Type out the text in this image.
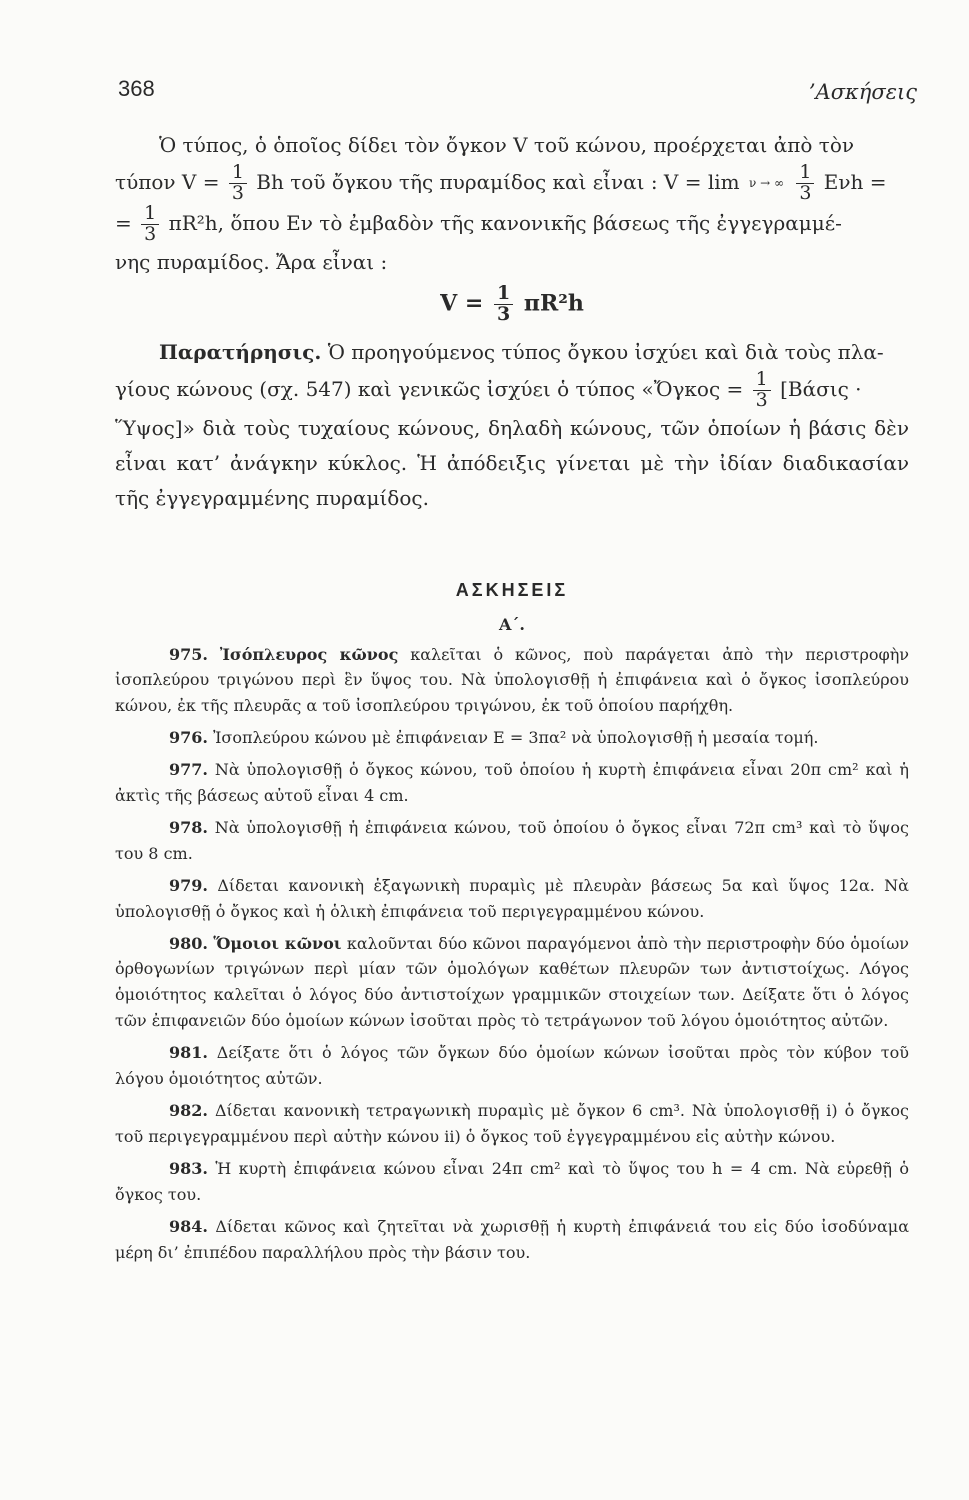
368	’Ασκήσεις

Ὁ τύπος, ὁ ὁποῖος δίδει τὸν ὄγκον V τοῦ κώνου, προέρχεται ἀπὸ τὸν

τύπον $V = \frac{1}{3}$ Bh τοῦ ὄγκου τῆς πυραμίδος καὶ εἶναι : V = lim ν → ∞
$\frac{1}{3}$ Eνh =
= $\frac{1}{3} \pi R^2h$, ὅπου Eν τὸ ἐμβαδὸν τῆς κανονικῆς βάσεως τῆς ἐγγεγραμμέ-

νης πυραμίδος. Ἄρα εἶναι :

$V = \frac{1}{3} \pi R^2h$

Παρατήρησις. Ὁ προηγούμενος τύπος ὄγκου ἰσχύει καὶ διὰ τοὺς πλα-

γίους κώνους (σχ. 547) καὶ γενικῶς ἰσχύει ὁ τύπος «Ὄγκος = $\frac{1}{3} [Bά\sigma\iota\varsigma$ ·

Ὕψος]» διὰ τοὺς τυχαίους κώνους, δηλαδὴ κώνους, τῶν ὁποίων ἡ βάσις δὲν εἶναι κατ’ ἀνάγκην κύκλος. Ἡ ἀπόδειξις γίνεται μὲ τὴν ἰδίαν διαδικασίαν τῆς ἐγγεγραμμένης πυραμίδος.

ΑΣΚΗΣΕΙΣ
Α΄.

975. Ἰσόπλευρος κῶνος καλεῖται ὁ κῶνος, ποὺ παράγεται ἀπὸ τὴν περιστροφὴν ἰσοπλεύρου τριγώνου περὶ ἓν ὕψος του. Νὰ ὑπολογισθῇ ἡ ἐπιφάνεια καὶ ὁ ὄγκος ἰσοπλεύρου κώνου, ἐκ τῆς πλευρᾶς α τοῦ ἰσοπλεύρου τριγώνου, ἐκ τοῦ ὁποίου παρήχθη.

976. Ἰσοπλεύρου κώνου μὲ ἐπιφάνειαν E = 3πα² νὰ ὑπολογισθῇ ἡ μεσαία τομή.

977. Νὰ ὑπολογισθῇ ὁ ὄγκος κώνου, τοῦ ὁποίου ἡ κυρτὴ ἐπιφάνεια εἶναι 20π cm² καὶ ἡ ἀκτὶς τῆς βάσεως αὐτοῦ εἶναι 4 cm.

978. Νὰ ὑπολογισθῇ ἡ ἐπιφάνεια κώνου, τοῦ ὁποίου ὁ ὄγκος εἶναι 72π cm³ καὶ τὸ ὕψος του 8 cm.

979. Δίδεται κανονικὴ ἑξαγωνικὴ πυραμὶς μὲ πλευρὰν βάσεως 5α καὶ ὕψος 12α. Νὰ ὑπολογισθῇ ὁ ὄγκος καὶ ἡ ὁλικὴ ἐπιφάνεια τοῦ περιγεγραμμένου κώνου.

980. Ὅμοιοι κῶνοι καλοῦνται δύο κῶνοι παραγόμενοι ἀπὸ τὴν περιστροφὴν δύο ὁμοίων ὀρθογωνίων τριγώνων περὶ μίαν τῶν ὁμολόγων καθέτων πλευρῶν των ἀντιστοίχως. Λόγος ὁμοιότητος καλεῖται ὁ λόγος δύο ἀντιστοίχων γραμμικῶν στοιχείων των. Δείξατε ὅτι ὁ λόγος τῶν ἐπιφανειῶν δύο ὁμοίων κώνων ἰσοῦται πρὸς τὸ τετράγωνον τοῦ λόγου ὁμοιότητος αὐτῶν.

981. Δείξατε ὅτι ὁ λόγος τῶν ὄγκων δύο ὁμοίων κώνων ἰσοῦται πρὸς τὸν κύβον τοῦ λόγου ὁμοιότητος αὐτῶν.

982. Δίδεται κανονικὴ τετραγωνικὴ πυραμὶς μὲ ὄγκον 6 cm³. Νὰ ὑπολογισθῇ i) ὁ ὄγκος τοῦ περιγεγραμμένου περὶ αὐτὴν κώνου ii) ὁ ὄγκος τοῦ ἐγγεγραμμένου εἰς αὐτὴν κώνου.

983. Ἡ κυρτὴ ἐπιφάνεια κώνου εἶναι 24π cm² καὶ τὸ ὕψος του h = 4 cm. Νὰ εὑρεθῇ ὁ ὄγκος του.

984. Δίδεται κῶνος καὶ ζητεῖται νὰ χωρισθῇ ἡ κυρτὴ ἐπιφάνειά του εἰς δύο ἰσοδύναμα μέρη δι’ ἐπιπέδου παραλλήλου πρὸς τὴν βάσιν του.
